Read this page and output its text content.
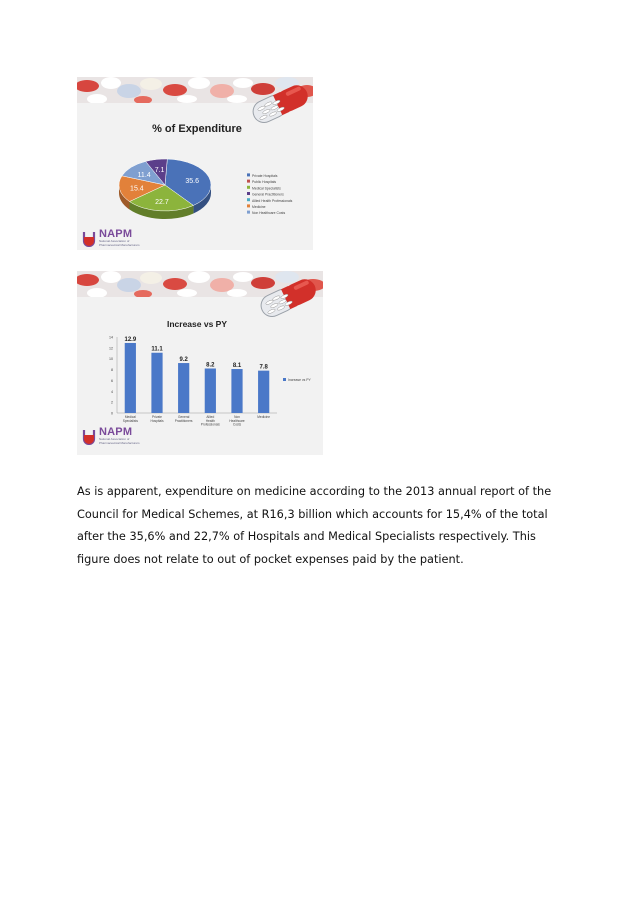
% of Expenditure
35.6
22.7
15.4
11.4
7.1
Private Hospitals
Public Hospitals
Medical Specialists
General Practitioners
Allied Health Professionals
Medicine
Non Healthcare Costs
NAPM
National Association of Pharmaceutical Manufacturers
Increase vs PY
0
2
4
6
8
10
12
14 12.9
Medical
Specialists
11.1
Private
Hospitals
9.2
General
Practitioners
8.2
Allied
Health
Professionals
8.1
Non
Healthcare
Costs
7.8
Medicine
Increase vs PY
NAPM
National Association of Pharmaceutical Manufacturers

As is apparent, expenditure on medicine according to the 2013 annual report of the Council for Medical Schemes, at R16,3 billion which accounts for 15,4% of the total after the 35,6% and 22,7% of Hospitals and Medical Specialists respectively. This figure does not relate to out of pocket expenses paid by the patient.
